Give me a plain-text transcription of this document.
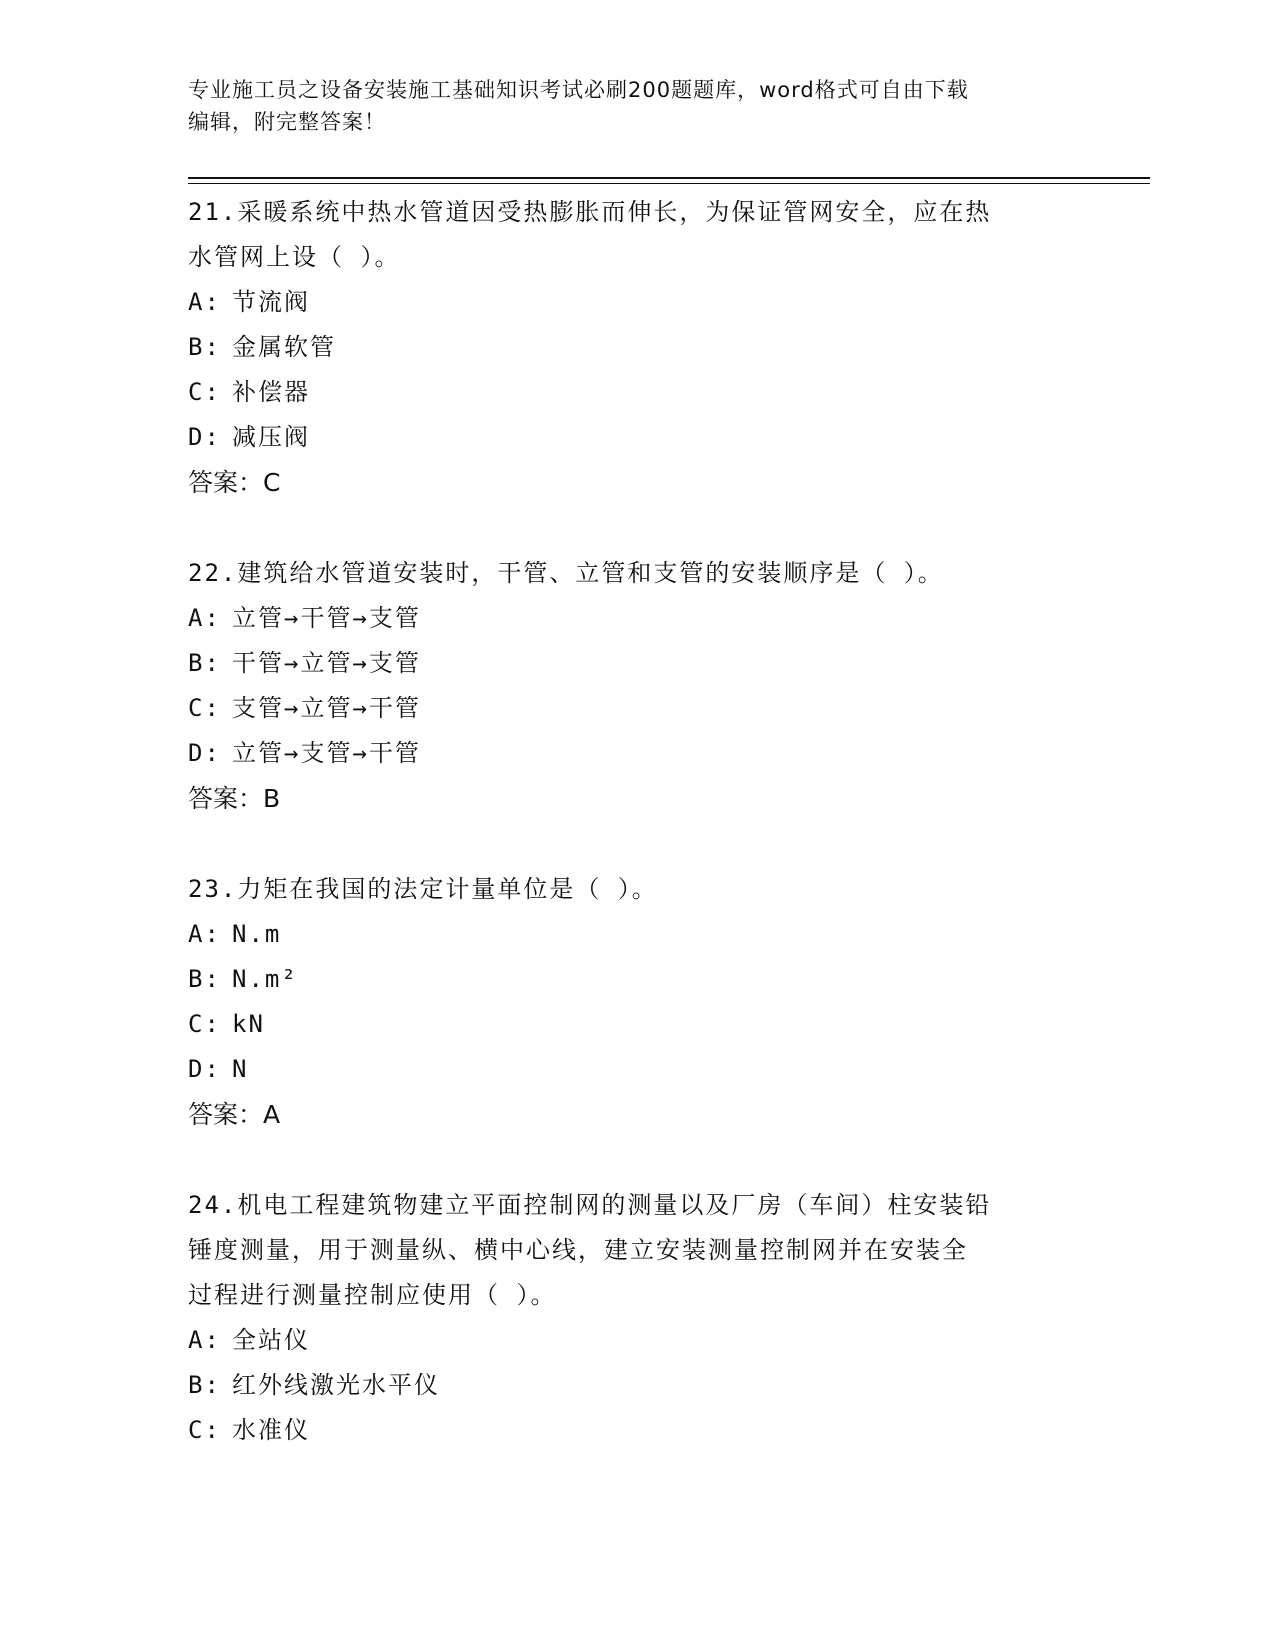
专业施工员之设备安装施工基础知识考试必刷200题题库，word格式可自由下载
编辑，附完整答案！
21.采暖系统中热水管道因受热膨胀而伸长，为保证管网安全，应在热
水管网上设（ ）。
A: 节流阀
B: 金属软管
C: 补偿器
D: 减压阀
答案：C
22.建筑给水管道安装时，干管、立管和支管的安装顺序是（ ）。
A: 立管→干管→支管
B: 干管→立管→支管
C: 支管→立管→干管
D: 立管→支管→干管
答案：B
23.力矩在我国的法定计量单位是（ ）。
A: N.m
B: N.m²
C: kN
D: N
答案：A
24.机电工程建筑物建立平面控制网的测量以及厂房（车间）柱安装铅
锤度测量，用于测量纵、横中心线，建立安装测量控制网并在安装全
过程进行测量控制应使用（ ）。
A: 全站仪
B: 红外线激光水平仪
C: 水准仪
